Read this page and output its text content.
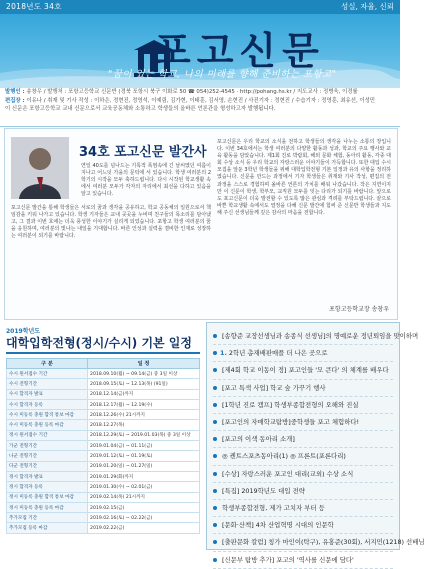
2018년도 34호	성실, 자율, 신뢰
포고신문
"꿈이 있는 학교, 나의 미래를 향해 준비하는 포항고"

발행인 : 송창우 / 발행처 : 포항고등학교 신문반 (경북 포항시 북구 이화로 50 ☎ 054)252-4545 · http://pohang.hs.kr / 지도교사 : 정병욱, 이경률

편집장 : 이유나 / 취재 및 기사 작성 : 이하은, 정현진, 정영석, 이예림, 김가현, 이태훈, 김서영, 손현진 / 사진기자 : 정현진 / 수습기자 : 정영훈, 최유선, 이성민

이 신문은 포항고등학교 교내 신문으로서 교육공동체와 소통하고 학생들의 올바른 언론관을 형성하고자 발행됩니다.

34호 포고신문 발간사
연일 40도를 넘나드는 기록적 폭염속에 긴 날씨였던 여름이 지나고 어느덧 가을의 문턱에 서 있습니다. 학생 여러분의 2학기의 시작을 모두 축하드립니다. 다시 시작된 학교생활 속에서 여러분 모두가 각자의 자리에서 최선을 다하고 있음을 알고 있습니다.
포고신문은 우리 학교의 소식을 전하고 학생들의 생각을 나누는 소통의 장입니다. 이번 34호에서는 학생 여러분의 다양한 활동과 성과, 학교의 주요 행사와 교육 활동을 담았습니다. 제1회 진로 박람회, 해외 문화 체험, 동아리 활동, 각종 대회 수상 소식 등 우리 학교의 자랑스러운 이야기들이 가득합니다. 또한 대입 수시 모집을 앞둔 3학년 학생들을 위해 대학입학전형 기본 일정과 유의 사항을 정리하였습니다. 신문을 만드는 과정에서 기자 학생들은 취재와 기사 작성, 편집의 전 과정을 스스로 경험하며 올바른 언론의 가치를 배워 나갔습니다. 작은 지면이지만 이 신문이 학생, 학부모, 교직원 모두를 잇는 다리가 되기를 바랍니다. 앞으로도 포고신문이 더욱 발전할 수 있도록 많은 관심과 격려를 부탁드립니다. 끝으로 바쁜 학교생활 속에서도 열정을 다해 신문 발간에 힘써 준 신문반 학생들과 지도해 주신 선생님들께 깊은 감사의 마음을 전합니다.
포고신문 발간을 통해 학생들은 서로의 꿈과 생각을 공유하고, 학교 공동체의 일원으로서 책임감을 키워 나가고 있습니다. 학생 기자들은 교내 곳곳을 누비며 친구들의 목소리를 담아냈고, 그 결과 이번 호에는 더욱 풍성한 이야기가 실리게 되었습니다. 포항고 학생 여러분의 꿈을 응원하며, 여러분의 빛나는 내일을 기대합니다. 바른 인성과 실력을 겸비한 인재로 성장하는 여러분이 되기를 바랍니다.
포항고등학교장 송창우
2019학년도
대학입학전형(정시/수시) 기본 일정
구 분	일 정
수시 원서접수 기간	2018.09.10(월) ~ 09.14(금) 중 3일 이상
수시 전형기간	2018.09.15(토) ~ 12.13(목) (91일)
수시 합격자 발표	2018.12.14(금)까지
수시 합격자 등록	2018.12.17(월) ~ 12.19(수)
수시 미등록 충원 합격 통보 마감	2018.12.26(수) 21시까지
수시 미등록 충원 등록 마감	2018.12.27(목)
정시 원서접수 기간	2018.12.29(토) ~ 2019.01.03(목) 중 3일 이상
가군 전형기간	2019.01.04(금) ~ 01.11(금)
나군 전형기간	2019.01.12(토) ~ 01.19(토)
다군 전형기간	2019.01.20(일) ~ 01.27(일)
정시 합격자 발표	2019.01.29(화)까지
정시 합격자 등록	2019.01.30(수) ~ 02.01(금)
정시 미등록 충원 합격 통보 마감	2019.02.14(목) 21시까지
정시 미등록 충원 등록 마감	2019.02.15(금)
추가모집 기간	2019.02.16(토) ~ 02.22(금)
추가모집 등록 마감	2019.02.22(금)
[송향준 교장선생님과 송종식 선생님]의 명예로운 정년퇴임을 맞이하며
1. 2학년 총재배판매플 더 나은 곳으로
[제4회 학교 이동이 정] 포고인들 '모 큰다' 의 체계를 배우다
[포고 특색 사업] 학교 숲 가꾸기 행사
[1학년 진로 캠프] 학생부종합전형의 오해와 진실
[포고인의 자매학교탐방]중학생들 포고 체험하다!
[포고의 이색 동아리 소개]
◎ 켄트스포츠동아리(1) ◎ 프론트(포론다리)
[수상] 자랑스러운 포고인 대리(교외) 수상 소식
[특집] 2019학년도 대입 전략
학생부종합전형, 제가 고치자 부터 등
[문화·산책] 4차 산업혁명 시대의 인문학
[출판문화 칼럼] 칭가 마인이(탁구), 유홍준(30회), 서지민(1218) 선배님
[신문부 탐방 추가] 포고의 '역사를 신문에 담다'
